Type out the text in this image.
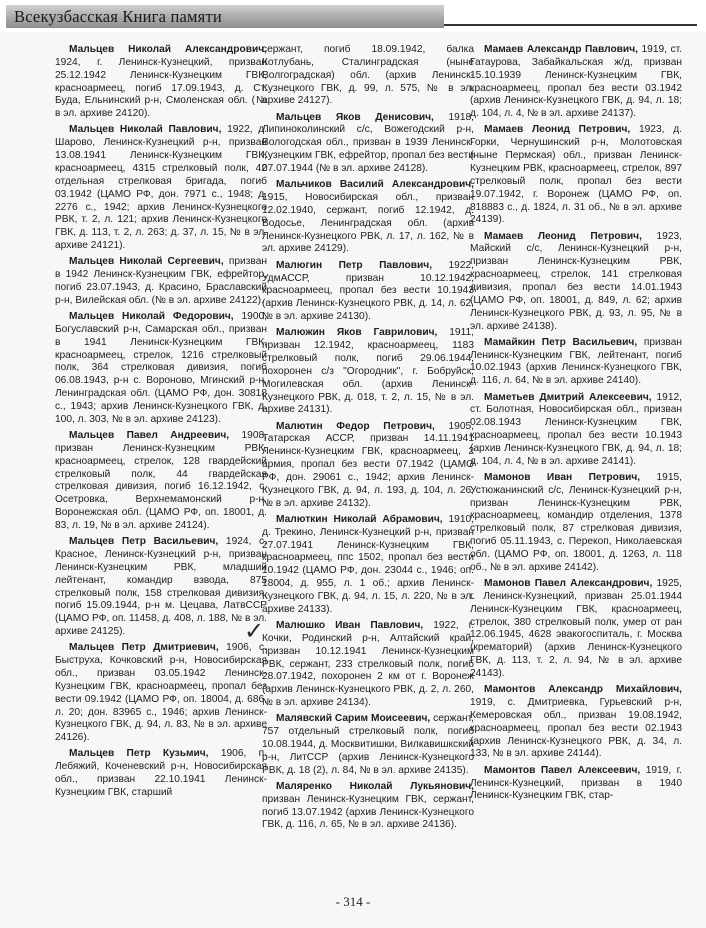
Всекузбасская Книга памяти

Мальцев Николай Александрович, 1924, г. Ленинск-Кузнецкий, призван 25.12.1942 Ленинск-Кузнецким ГВК, красноармеец, погиб 17.09.1943, д. Ст. Буда, Ельнинский р-н, Смоленская обл. (№ в эл. архиве 24120).

Мальцев Николай Павлович, 1922, д. Шарово, Ленинск-Кузнецкий р-н, призван 13.08.1941 Ленинск-Кузнецким ГВК, красноармеец, 4315 стрелковый полк, 42 отдельная стрелковая бригада, погиб 03.1942 (ЦАМО РФ, дон. 7971 с., 1948; д. 2276 с., 1942; архив Ленинск-Кузнецкого РВК, т. 2, л. 121; архив Ленинск-Кузнецкого ГВК, д. 113, т. 2, л. 263; д. 37, л. 15, № в эл. архиве 24121).

Мальцев Николай Сергеевич, призван в 1942 Ленинск-Кузнецким ГВК, ефрейтор, погиб 23.07.1943, д. Красино, Браславский р-н, Вилейская обл. (№ в эл. архиве 24122).

Мальцев Николай Федорович, 1900, Богуславский р-н, Самарская обл., призван в 1941 Ленинск-Кузнецким ГВК, красноармеец, стрелок, 1216 стрелковый полк, 364 стрелковая дивизия, погиб 06.08.1943, р-н с. Вороново, Мгинский р-н, Ленинградская обл. (ЦАМО РФ, дон. 30818 с., 1943; архив Ленинск-Кузнецкого ГВК, д. 100, л. 303, № в эл. архиве 24123).

Мальцев Павел Андреевич, 1908, призван Ленинск-Кузнецким РВК, красноармеец, стрелок, 128 гвардейский стрелковый полк, 44 гвардейская стрелковая дивизия, погиб 16.12.1942, с. Осетровка, Верхнемамонский р-н, Воронежская обл. (ЦАМО РФ, оп. 18001, д. 83, л. 19, № в эл. архиве 24124).

Мальцев Петр Васильевич, 1924, с. Красное, Ленинск-Кузнецкий р-н, призван Ленинск-Кузнецким РВК, младший лейтенант, командир взвода, 875 стрелковый полк, 158 стрелковая дивизия, погиб 15.09.1944, р-н м. Цецава, ЛатвССР (ЦАМО РФ, оп. 11458, д. 408, л. 188, № в эл. архиве 24125).

Мальцев Петр Дмитриевич, 1906, с. Быструха, Кочковский р-н, Новосибирская обл., призван 03.05.1942 Ленинск-Кузнецким ГВК, красноармеец, пропал без вести 09.1942 (ЦАМО РФ, оп. 18004, д. 686, л. 20; дон. 83965 с., 1946; архив Ленинск-Кузнецкого ГВК, д. 94, л. 83, № в эл. архиве 24126).

Мальцев Петр Кузьмич, 1906, п. Лебяжий, Коченевский р-н, Новосибирская обл., призван 22.10.1941 Ленинск-Кузнецким ГВК, старший

сержант, погиб 18.09.1942, балка Котлубань, Сталинградская (ныне Волгоградская) обл. (архив Ленинск-Кузнецкого ГВК, д. 99, л. 575, № в эл. архиве 24127).

Мальцев Яков Денисович, 1918, Липиноколинский с/с, Вожегодский р-н, Вологодская обл., призван в 1939 Ленинск-Кузнецким ГВК, ефрейтор, пропал без вести 07.07.1944 (№ в эл. архиве 24128).

Мальчиков Василий Александрович, 1915, Новосибирская обл., призван 12.02.1940, сержант, погиб 12.1942, д. Водосье, Ленинградская обл. (архив Ленинск-Кузнецкого РВК, л. 17, л. 162, № в эл. архиве 24129).

Малюгин Петр Павлович, 1922, УдмАССР, призван 10.12.1942, красноармеец, пропал без вести 10.1943 (архив Ленинск-Кузнецкого РВК, д. 14, л. 62, № в эл. архиве 24130).

Малюжин Яков Гаврилович, 1911, призван 12.1942, красноармеец, 1183 стрелковый полк, погиб 29.06.1944, похоронен с/з "Огородник", г. Бобруйск, Могилевская обл. (архив Ленинск-Кузнецкого РВК, д. 018, т. 2, л. 15, № в эл. архиве 24131).

Малютин Федор Петрович, 1905, Татарская АССР, призван 14.11.1941 Ленинск-Кузнецким ГВК, красноармеец, 2 армия, пропал без вести 07.1942 (ЦАМО РФ, дон. 29061 с., 1942; архив Ленинск-Кузнецкого ГВК, д. 94, л. 193, д. 104, л. 26, № в эл. архиве 24132).

Малюткин Николай Абрамович, 1910, д. Трекино, Ленинск-Кузнецкий р-н, призван 27.07.1941 Ленинск-Кузнецким ГВК, красноармеец, ппс 1502, пропал без вести 10.1942 (ЦАМО РФ, дон. 23044 с., 1946; оп. 18004, д. 955, л. 1 об.; архив Ленинск-Кузнецкого ГВК, д. 94, л. 15, л. 220, № в эл. архиве 24133).

Малюшко Иван Павлович, 1922, г. Кочки, Родинский р-н, Алтайский край, призван 10.12.1941 Ленинск-Кузнецким РВК, сержант, 233 стрелковый полк, погиб 28.07.1942, похоронен 2 км от г. Воронеж (архив Ленинск-Кузнецкого РВК, д. 2, л. 260, № в эл. архиве 24134).

Малявский Сарим Моисеевич, сержант, 757 отдельный стрелковый полк, погиб 10.08.1944, д. Москвитишки, Вилкавишкский р-н, ЛитССР (архив Ленинск-Кузнецкого РВК, д. 18 (2), л. 84, № в эл. архиве 24135).

Маляренко Николай Лукьянович, призван Ленинск-Кузнецким ГВК, сержант, погиб 13.07.1942 (архив Ленинск-Кузнецкого ГВК, д. 116, л. 65, № в эл. архиве 24136).

Мамаев Александр Павлович, 1919, ст. Гатаурова, Забайкальская ж/д, призван 15.10.1939 Ленинск-Кузнецким ГВК, красноармеец, пропал без вести 03.1942 (архив Ленинск-Кузнецкого ГВК, д. 94, л. 18; д. 104, л. 4, № в эл. архиве 24137).

Мамаев Леонид Петрович, 1923, д. Горки, Чернушинский р-н, Молотовская (ныне Пермская) обл., призван Ленинск-Кузнецким РВК, красноармеец, стрелок, 897 стрелковый полк, пропал без вести 19.07.1942, г. Воронеж (ЦАМО РФ, оп. 818883 с., д. 1824, л. 31 об., № в эл. архиве 24139).

Мамаев Леонид Петрович, 1923, Майский с/с, Ленинск-Кузнецкий р-н, призван Ленинск-Кузнецким РВК, красноармеец, стрелок, 141 стрелковая дивизия, пропал без вести 14.01.1943 (ЦАМО РФ, оп. 18001, д. 849, л. 62; архив Ленинск-Кузнецкого РВК, д. 93, л. 95, № в эл. архиве 24138).

Мамайкин Петр Васильевич, призван Ленинск-Кузнецким ГВК, лейтенант, погиб 10.02.1943 (архив Ленинск-Кузнецкого ГВК, д. 116, л. 64, № в эл. архиве 24140).

Маметьев Дмитрий Алексеевич, 1912, ст. Болотная, Новосибирская обл., призван 02.08.1943 Ленинск-Кузнецким ГВК, красноармеец, пропал без вести 10.1943 (архив Ленинск-Кузнецкого ГВК, д. 94, л. 18; д. 104, л. 4, № в эл. архиве 24141).

Мамонов Иван Петрович, 1915, Устюжанинский с/с, Ленинск-Кузнецкий р-н, призван Ленинск-Кузнецким РВК, красноармеец, командир отделения, 1378 стрелковый полк, 87 стрелковая дивизия, погиб 05.11.1943, с. Перекоп, Николаевская обл. (ЦАМО РФ, оп. 18001, д. 1263, л. 118 об., № в эл. архиве 24142).

Мамонов Павел Александрович, 1925, г. Ленинск-Кузнецкий, призван 25.01.1944 Ленинск-Кузнецким ГВК, красноармеец, стрелок, 380 стрелковый полк, умер от ран 12.06.1945, 4628 эвакогоспиталь, г. Москва (крематорий) (архив Ленинск-Кузнецкого ГВК, д. 113, т. 2, л. 94, № в эл. архиве 24143).

Мамонтов Александр Михайлович, 1919, с. Дмитриевка, Гурьевский р-н, Кемеровская обл., призван 19.08.1942, красноармеец, пропал без вести 02.1943 (архив Ленинск-Кузнецкого РВК, д. 34, л. 133, № в эл. архиве 24144).

Мамонтов Павел Алексеевич, 1919, г. Ленинск-Кузнецкий, призван в 1940 Ленинск-Кузнецким ГВК, стар-

✓
- 314 -
